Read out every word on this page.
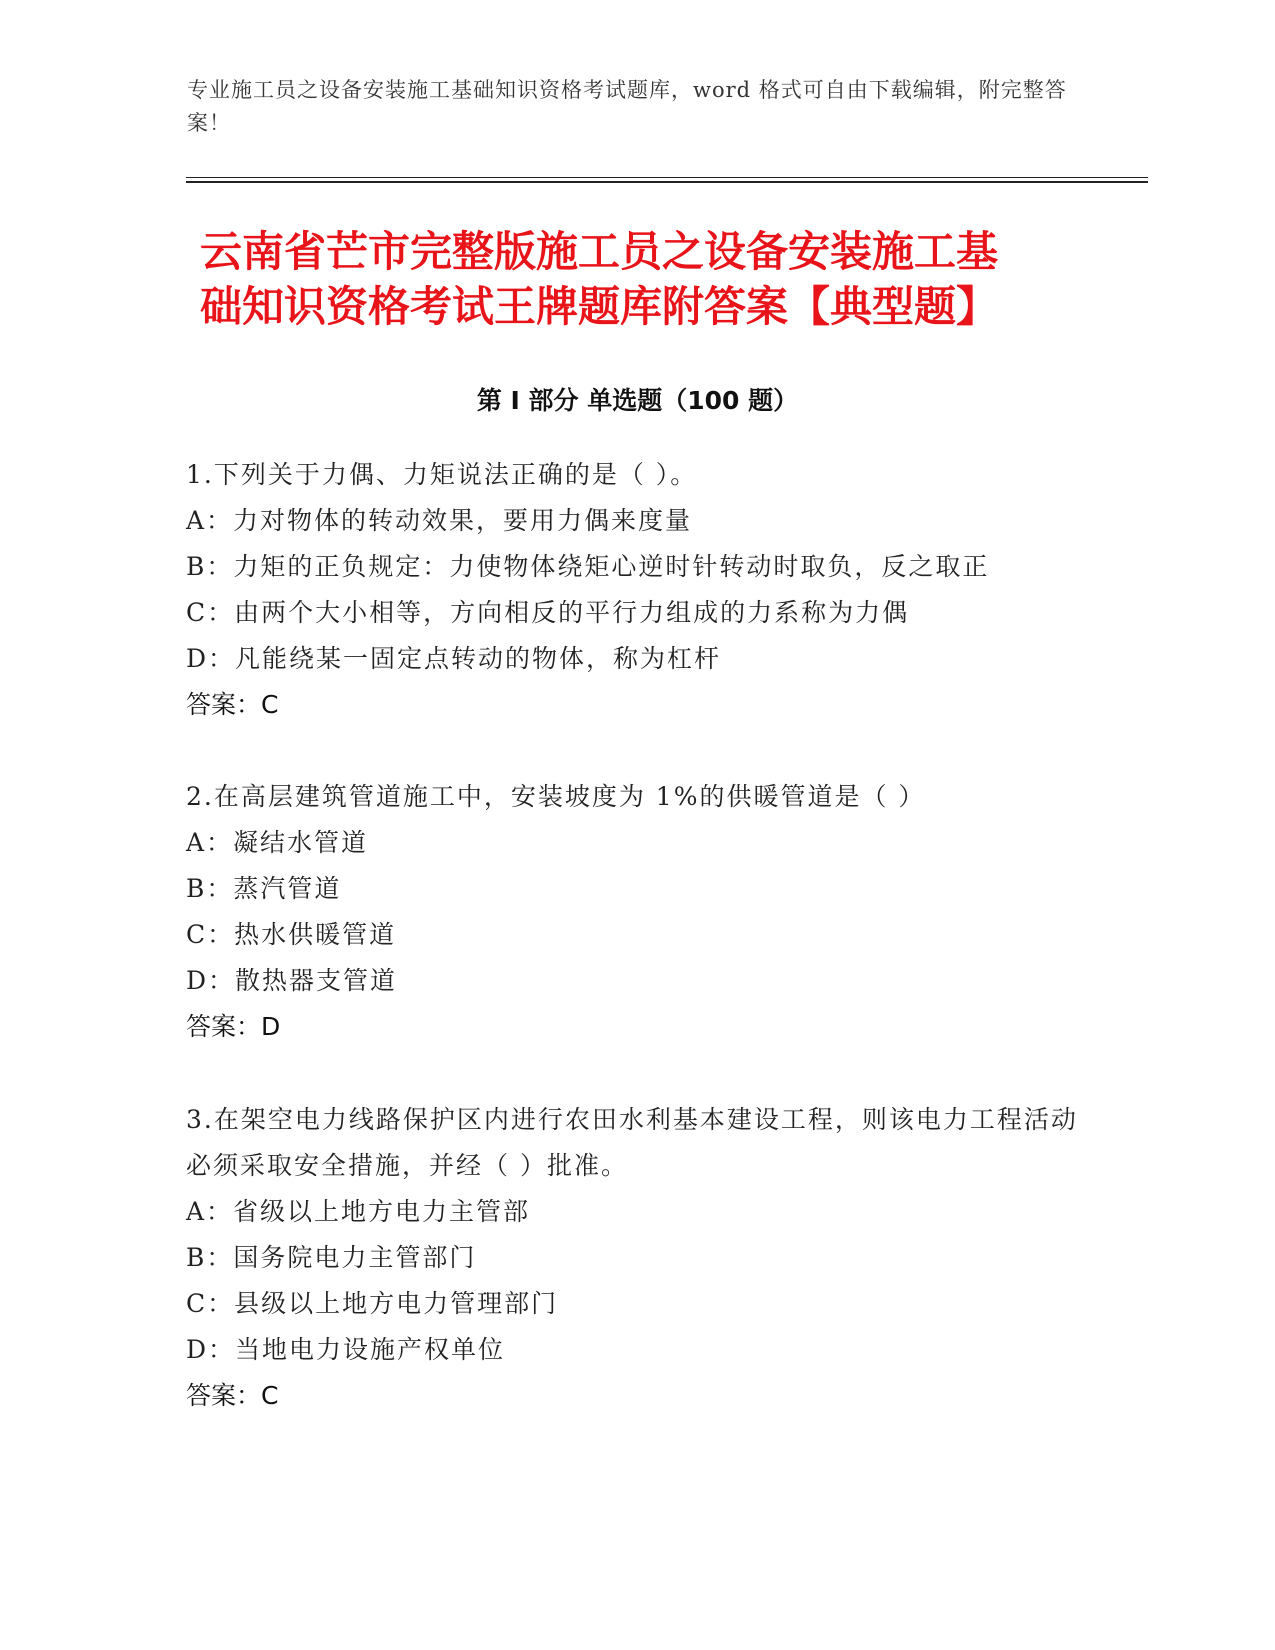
专业施工员之设备安装施工基础知识资格考试题库，word 格式可自由下载编辑，附完整答案！
云南省芒市完整版施工员之设备安装施工基
础知识资格考试王牌题库附答案【典型题】
第 I 部分 单选题（100 题）
1.下列关于力偶、力矩说法正确的是（ ）。
A：力对物体的转动效果，要用力偶来度量
B：力矩的正负规定：力使物体绕矩心逆时针转动时取负，反之取正
C：由两个大小相等，方向相反的平行力组成的力系称为力偶
D：凡能绕某一固定点转动的物体，称为杠杆
答案：C
2.在高层建筑管道施工中，安装坡度为 1%的供暖管道是（ ）
A：凝结水管道
B：蒸汽管道
C：热水供暖管道
D：散热器支管道
答案：D
3.在架空电力线路保护区内进行农田水利基本建设工程，则该电力工程活动必须采取安全措施，并经（ ）批准。
A：省级以上地方电力主管部
B：国务院电力主管部门
C：县级以上地方电力管理部门
D：当地电力设施产权单位
答案：C
